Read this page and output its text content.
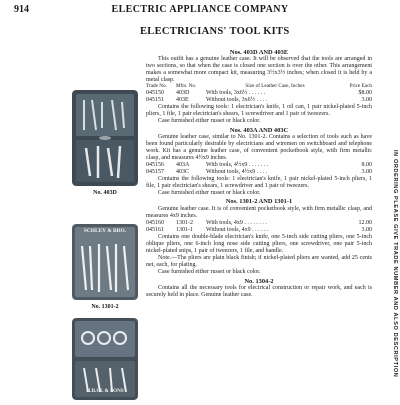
914	ELECTRIC APPLIANCE COMPANY
ELECTRICIANS' TOOL KITS
No. 403D
SCHLEY & BRO.
No. 1301-2
H.B.CL & SONS
Nos. 403D AND 403E

This outfit has a genuine leather case. It will be observed that the tools are arranged in two sections, so that when the case is closed one section is over the other. This arrangement makes a somewhat more compact kit, measuring 3½x3½ inches; when closed it is held by a metal clasp.

Trade No.	Mfrs. No.	Size of Leather Case, Inches	Price Each
045150	403D	With tools, 3x6½ . . . . . .	$8.00
045151	403E	Without tools, 3x6½ . . . .	3.00

Contains the following tools: 1 electrician's knife, 1 oil can, 1 pair nickel-plated 5-inch pliers, 1 file, 1 pair electrician's shears, 1 screwdriver and 1 pair of tweezers.

Case furnished either russet or black color.

Nos. 403A AND 403C

Genuine leather case, similar to No. 1301-2. Contains a selection of tools such as have been found particularly desirable by electricians and wiremen on switchboard and telephone work. Kit has a genuine leather case, of convenient pocketbook style, with firm metallic clasp, and measures 4½x9 inches.

045156	403A	With tools, 4½x9 . . . . . . .	8.00
045157	403C	Without tools, 4½x9 . . . .	3.00

Contains the following tools: 1 electrician's knife, 1 pair nickel-plated 5-inch pliers, 1 file, 1 pair electrician's shears, 1 screwdriver and 1 pair of tweezers.

Case furnished either russet or black color.

Nos. 1301-2 AND 1301-1

Genuine leather case. It is of convenient pocketbook style, with firm metallic clasp, and measures 4x9 inches.

045160	1301-2	With tools, 4x9 . . . . . . . .	12.00
045161	1301-1	Without tools, 4x9 . . . . . .	3.00

Contains one double-blade electrician's knife, one 5-inch side cutting pliers, one 5-inch oblique pliers, one 6-inch long nose side cutting pliers, one screwdriver, one pair 5-inch nickel-plated snips, 1 pair of tweezers, 1 file, and handle.

Note.—The pliers are plain black finish; if nickel-plated pliers are wanted, add 25 cents net, each, for plating.

Case furnished either russet or black color.

No. 1304-2

Contains all the necessary tools for electrical construction or repair work, and each is securely held in place. Genuine leather case.	IN ORDERING PLEASE GIVE TRADE NUMBER AND ALSO DESCRIPTION
